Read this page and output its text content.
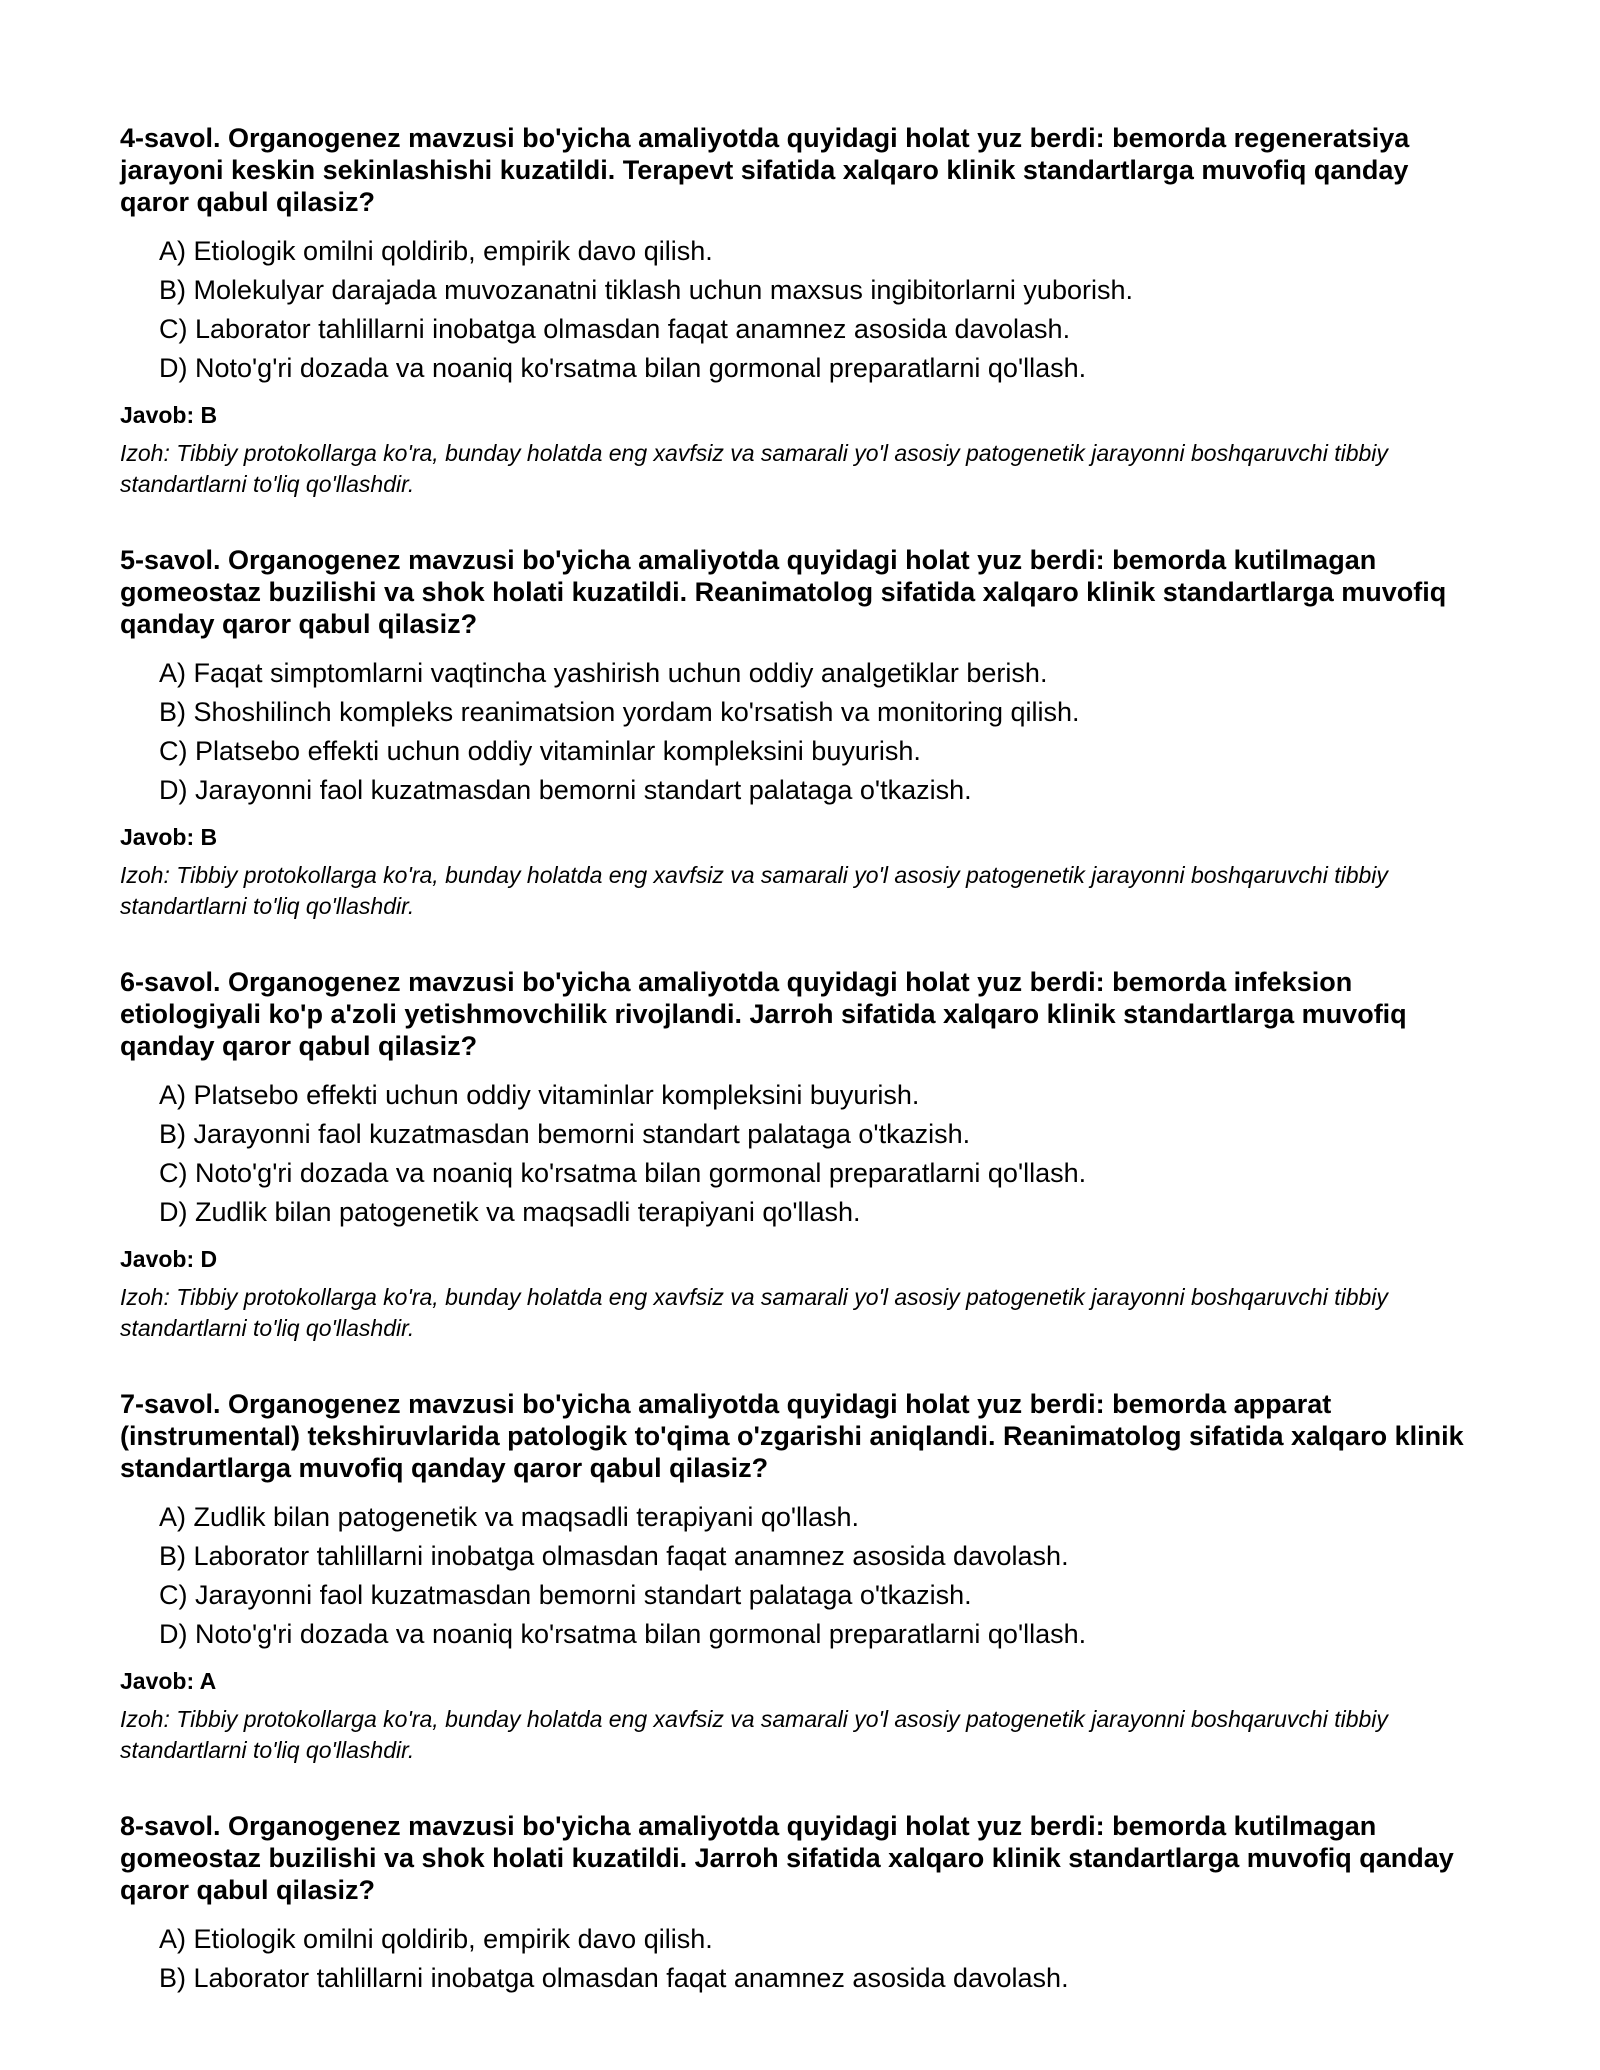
4-savol. Organogenez mavzusi bo'yicha amaliyotda quyidagi holat yuz berdi: bemorda regeneratsiya jarayoni keskin sekinlashishi kuzatildi. Terapevt sifatida xalqaro klinik standartlarga muvofiq qanday qaror qabul qilasiz?

A) Etiologik omilni qoldirib, empirik davo qilish.
B) Molekulyar darajada muvozanatni tiklash uchun maxsus ingibitorlarni yuborish.
C) Laborator tahlillarni inobatga olmasdan faqat anamnez asosida davolash.
D) Noto'g'ri dozada va noaniq ko'rsatma bilan gormonal preparatlarni qo'llash.

Javob: B

Izoh: Tibbiy protokollarga ko'ra, bunday holatda eng xavfsiz va samarali yo'l asosiy patogenetik jarayonni boshqaruvchi tibbiy standartlarni to'liq qo'llashdir.

5-savol. Organogenez mavzusi bo'yicha amaliyotda quyidagi holat yuz berdi: bemorda kutilmagan gomeostaz buzilishi va shok holati kuzatildi. Reanimatolog sifatida xalqaro klinik standartlarga muvofiq qanday qaror qabul qilasiz?

A) Faqat simptomlarni vaqtincha yashirish uchun oddiy analgetiklar berish.
B) Shoshilinch kompleks reanimatsion yordam ko'rsatish va monitoring qilish.
C) Platsebo effekti uchun oddiy vitaminlar kompleksini buyurish.
D) Jarayonni faol kuzatmasdan bemorni standart palataga o'tkazish.

Javob: B

Izoh: Tibbiy protokollarga ko'ra, bunday holatda eng xavfsiz va samarali yo'l asosiy patogenetik jarayonni boshqaruvchi tibbiy standartlarni to'liq qo'llashdir.

6-savol. Organogenez mavzusi bo'yicha amaliyotda quyidagi holat yuz berdi: bemorda infeksion etiologiyali ko'p a'zoli yetishmovchilik rivojlandi. Jarroh sifatida xalqaro klinik standartlarga muvofiq qanday qaror qabul qilasiz?

A) Platsebo effekti uchun oddiy vitaminlar kompleksini buyurish.
B) Jarayonni faol kuzatmasdan bemorni standart palataga o'tkazish.
C) Noto'g'ri dozada va noaniq ko'rsatma bilan gormonal preparatlarni qo'llash.
D) Zudlik bilan patogenetik va maqsadli terapiyani qo'llash.

Javob: D

Izoh: Tibbiy protokollarga ko'ra, bunday holatda eng xavfsiz va samarali yo'l asosiy patogenetik jarayonni boshqaruvchi tibbiy standartlarni to'liq qo'llashdir.

7-savol. Organogenez mavzusi bo'yicha amaliyotda quyidagi holat yuz berdi: bemorda apparat (instrumental) tekshiruvlarida patologik to'qima o'zgarishi aniqlandi. Reanimatolog sifatida xalqaro klinik standartlarga muvofiq qanday qaror qabul qilasiz?

A) Zudlik bilan patogenetik va maqsadli terapiyani qo'llash.
B) Laborator tahlillarni inobatga olmasdan faqat anamnez asosida davolash.
C) Jarayonni faol kuzatmasdan bemorni standart palataga o'tkazish.
D) Noto'g'ri dozada va noaniq ko'rsatma bilan gormonal preparatlarni qo'llash.

Javob: A

Izoh: Tibbiy protokollarga ko'ra, bunday holatda eng xavfsiz va samarali yo'l asosiy patogenetik jarayonni boshqaruvchi tibbiy standartlarni to'liq qo'llashdir.

8-savol. Organogenez mavzusi bo'yicha amaliyotda quyidagi holat yuz berdi: bemorda kutilmagan gomeostaz buzilishi va shok holati kuzatildi. Jarroh sifatida xalqaro klinik standartlarga muvofiq qanday qaror qabul qilasiz?

A) Etiologik omilni qoldirib, empirik davo qilish.
B) Laborator tahlillarni inobatga olmasdan faqat anamnez asosida davolash.
